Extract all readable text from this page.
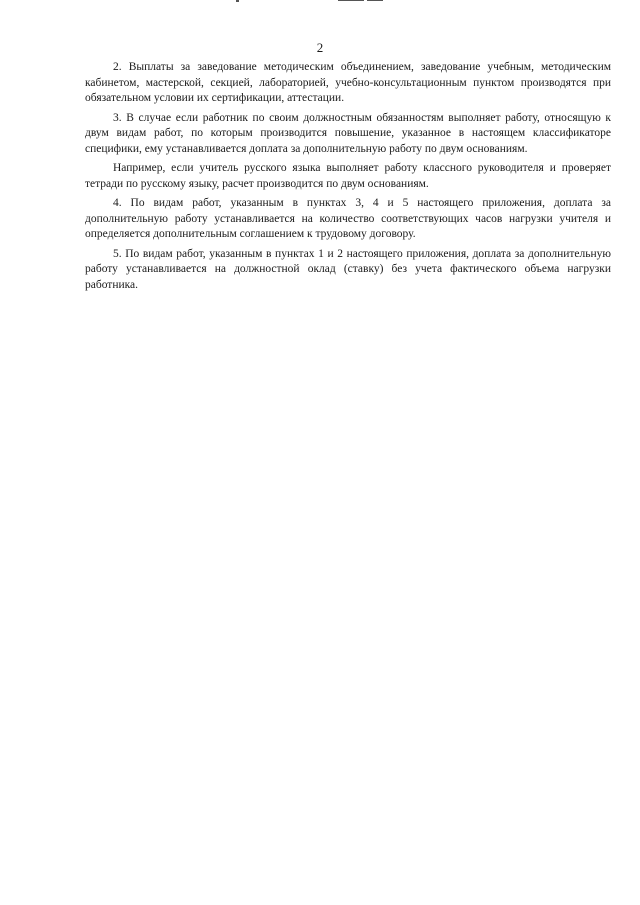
2

2. Выплаты за заведование методическим объединением, заведование учебным, методическим кабинетом, мастерской, секцией, лабораторией, учебно-консультационным пунктом производятся при обязательном условии их сертификации, аттестации.

3. В случае если работник по своим должностным обязанностям выполняет работу, относящую к двум видам работ, по которым производится повышение, указанное в настоящем классификаторе специфики, ему устанавливается доплата за дополнительную работу по двум основаниям.

Например, если учитель русского языка выполняет работу классного руководителя и проверяет тетради по русскому языку, расчет производится по двум основаниям.

4. По видам работ, указанным в пунктах 3, 4 и 5 настоящего приложения, доплата за дополнительную работу устанавливается на количество соответствующих часов нагрузки учителя и определяется дополнительным соглашением к трудовому договору.

5. По видам работ, указанным в пунктах 1 и 2 настоящего приложения, доплата за дополнительную работу устанавливается на должностной оклад (ставку) без учета фактического объема нагрузки работника.
